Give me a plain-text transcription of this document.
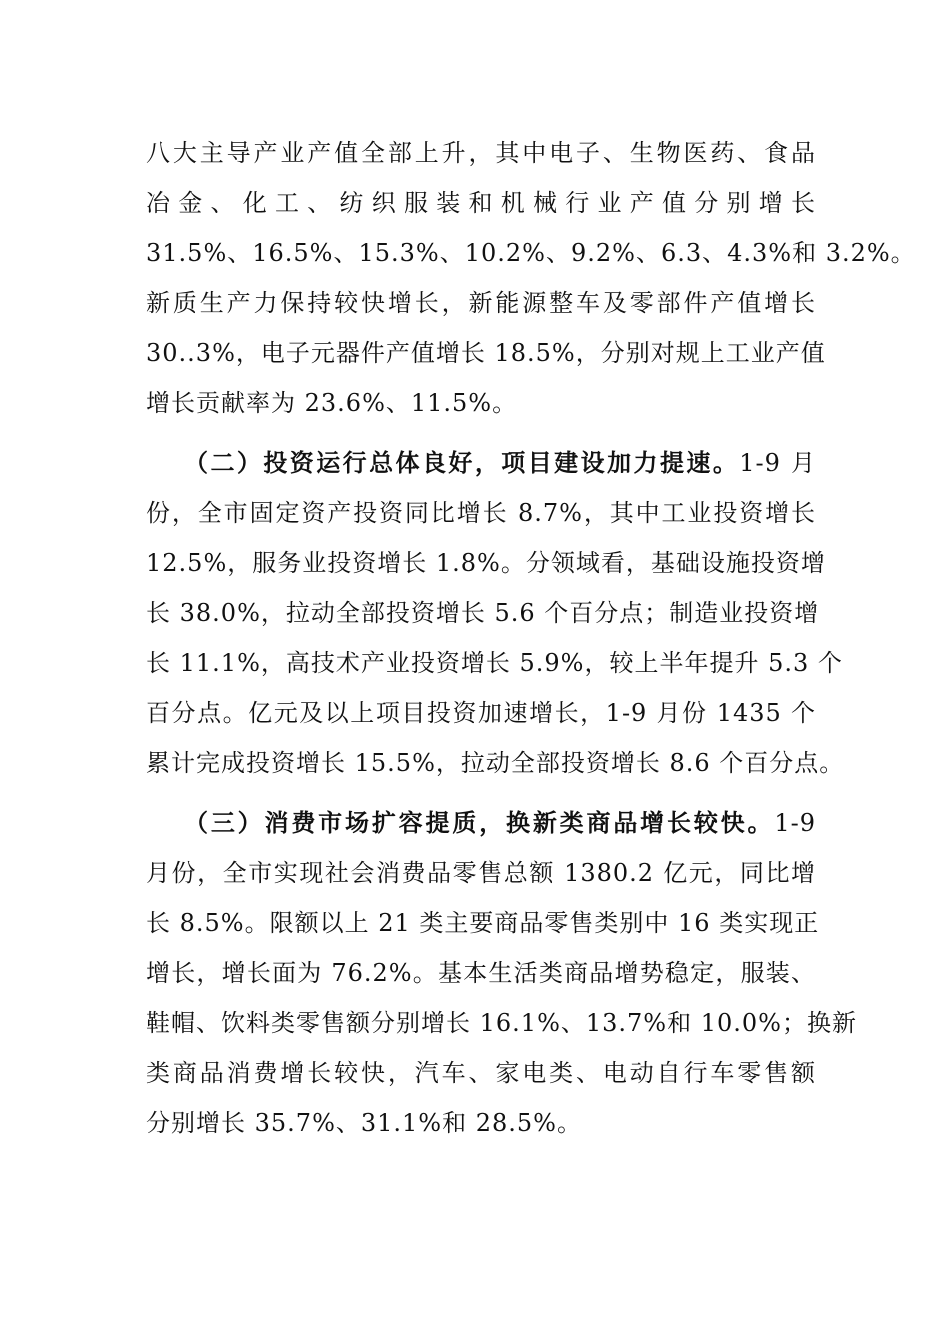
八大主导产业产值全部上升，其中电子、生物医药、食品
冶金、化工、纺织服装和机械行业产值分别增长
31.5%、16.5%、15.3%、10.2%、9.2%、6.3、4.3%和 3.2%。
新质生产力保持较快增长，新能源整车及零部件产值增长
30..3%，电子元器件产值增长 18.5%，分别对规上工业产值
增长贡献率为 23.6%、11.5%。
（二）投资运行总体良好，项目建设加力提速。1-9 月
份，全市固定资产投资同比增长 8.7%，其中工业投资增长
12.5%，服务业投资增长 1.8%。分领域看，基础设施投资增
长 38.0%，拉动全部投资增长 5.6 个百分点；制造业投资增
长 11.1%，高技术产业投资增长 5.9%，较上半年提升 5.3 个
百分点。亿元及以上项目投资加速增长，1-9 月份 1435 个
累计完成投资增长 15.5%，拉动全部投资增长 8.6 个百分点。
（三）消费市场扩容提质，换新类商品增长较快。1-9
月份，全市实现社会消费品零售总额 1380.2 亿元，同比增
长 8.5%。限额以上 21 类主要商品零售类别中 16 类实现正
增长，增长面为 76.2%。基本生活类商品增势稳定，服装、
鞋帽、饮料类零售额分别增长 16.1%、13.7%和 10.0%；换新
类商品消费增长较快，汽车、家电类、电动自行车零售额
分别增长 35.7%、31.1%和 28.5%。
